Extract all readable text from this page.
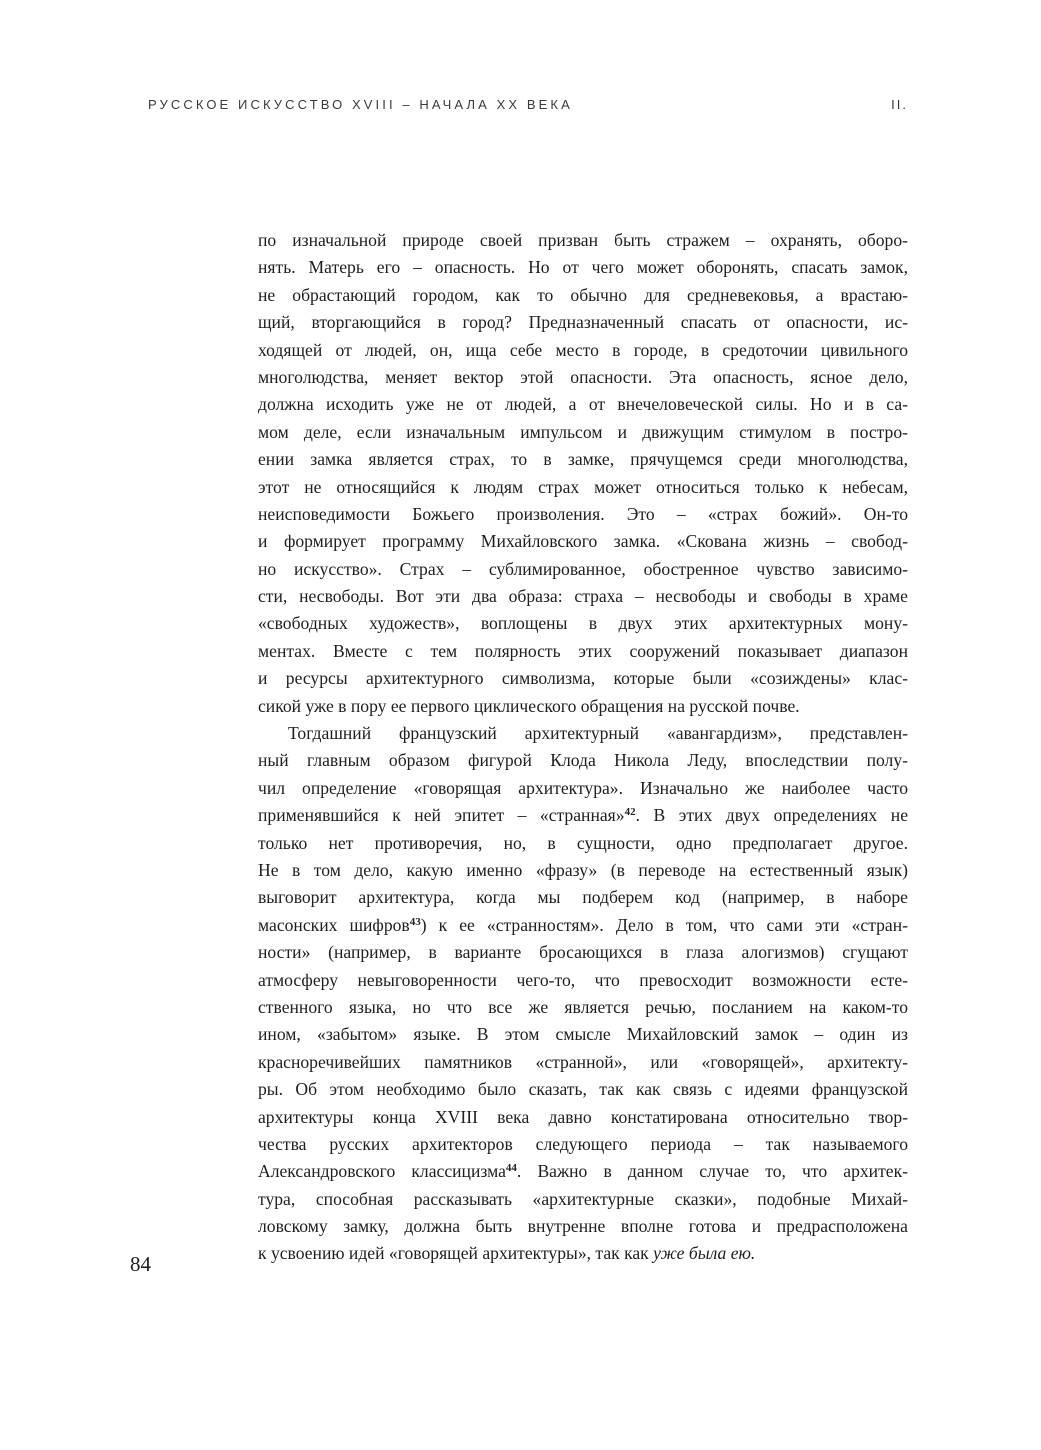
РУССКОЕ ИСКУССТВО XVIII – НАЧАЛА XX ВЕКА	II.
по изначальной природе своей призван быть стражем – охранять, оборо-
нять. Матерь его – опасность. Но от чего может оборонять, спасать замок,
не обрастающий городом, как то обычно для средневековья, а врастаю-
щий, вторгающийся в город? Предназначенный спасать от опасности, ис-
ходящей от людей, он, ища себе место в городе, в средоточии цивильного
многолюдства, меняет вектор этой опасности. Эта опасность, ясное дело,
должна исходить уже не от людей, а от внечеловеческой силы. Но и в са-
мом деле, если изначальным импульсом и движущим стимулом в постро-
ении замка является страх, то в замке, прячущемся среди многолюдства,
этот не относящийся к людям страх может относиться только к небесам,
неисповедимости Божьего произволения. Это – «страх божий». Он-то
и формирует программу Михайловского замка. «Скована жизнь – свобод-
но искусство». Страх – сублимированное, обостренное чувство зависимо-
сти, несвободы. Вот эти два образа: страха – несвободы и свободы в храме
«свободных художеств», воплощены в двух этих архитектурных мону-
ментах. Вместе с тем полярность этих сооружений показывает диапазон
и ресурсы архитектурного символизма, которые были «созиждены» клас-
сикой уже в пору ее первого циклического обращения на русской почве.
Тогдашний французский архитектурный «авангардизм», представлен-
ный главным образом фигурой Клода Никола Леду, впоследствии полу-
чил определение «говорящая архитектура». Изначально же наиболее часто
применявшийся к ней эпитет – «странная»$^{42}$. В этих двух определениях не
только нет противоречия, но, в сущности, одно предполагает другое.
Не в том дело, какую именно «фразу» (в переводе на естественный язык)
выговорит архитектура, когда мы подберем код (например, в наборе
масонских шифров$^{43}$) к ее «странностям». Дело в том, что сами эти «стран-
ности» (например, в варианте бросающихся в глаза алогизмов) сгущают
атмосферу невыговоренности чего-то, что превосходит возможности есте-
ственного языка, но что все же является речью, посланием на каком-то
ином, «забытом» языке. В этом смысле Михайловский замок – один из
красноречивейших памятников «странной», или «говорящей», архитекту-
ры. Об этом необходимо было сказать, так как связь с идеями французской
архитектуры конца XVIII века давно констатирована относительно твор-
чества русских архитекторов следующего периода – так называемого
Александровского классицизма$^{44}$. Важно в данном случае то, что архитек-
тура, способная рассказывать «архитектурные сказки», подобные Михай-
ловскому замку, должна быть внутренне вполне готова и предрасположена
к усвоению идей «говорящей архитектуры», так как уже была ею.
84
